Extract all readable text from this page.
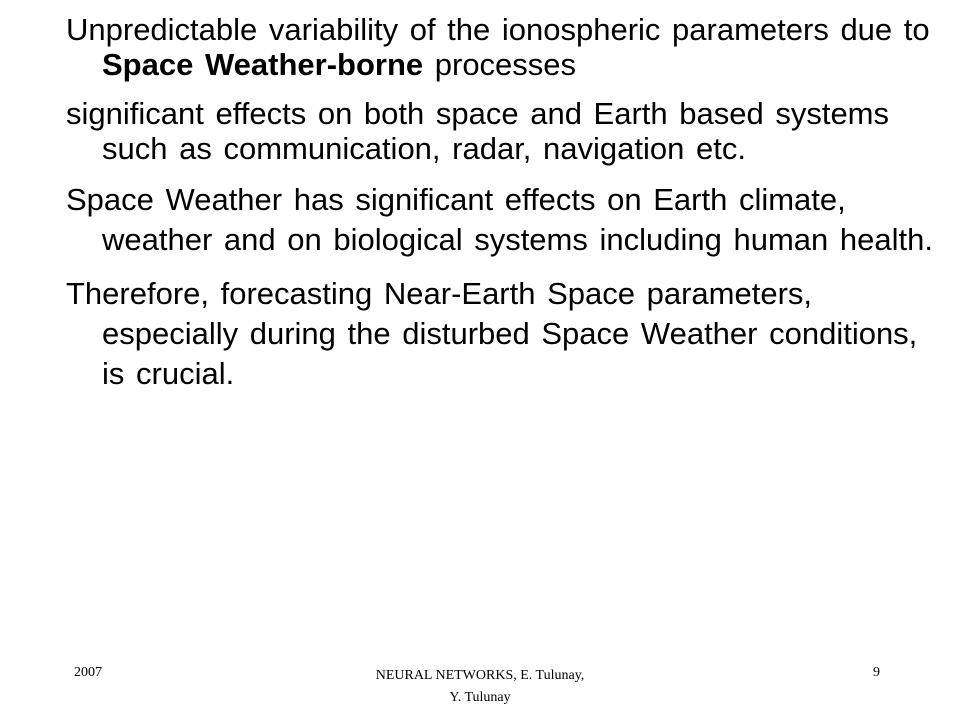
Unpredictable variability of the ionospheric parameters due to Space Weather-borne processes

significant effects on both space and Earth based systems such as communication, radar, navigation etc.

Space Weather has significant effects on Earth climate, weather and on biological systems including human health.

Therefore, forecasting Near-Earth Space parameters, especially during the disturbed Space Weather conditions, is crucial.

2007	NEURAL NETWORKS, E. Tulunay,
Y. Tulunay
9
